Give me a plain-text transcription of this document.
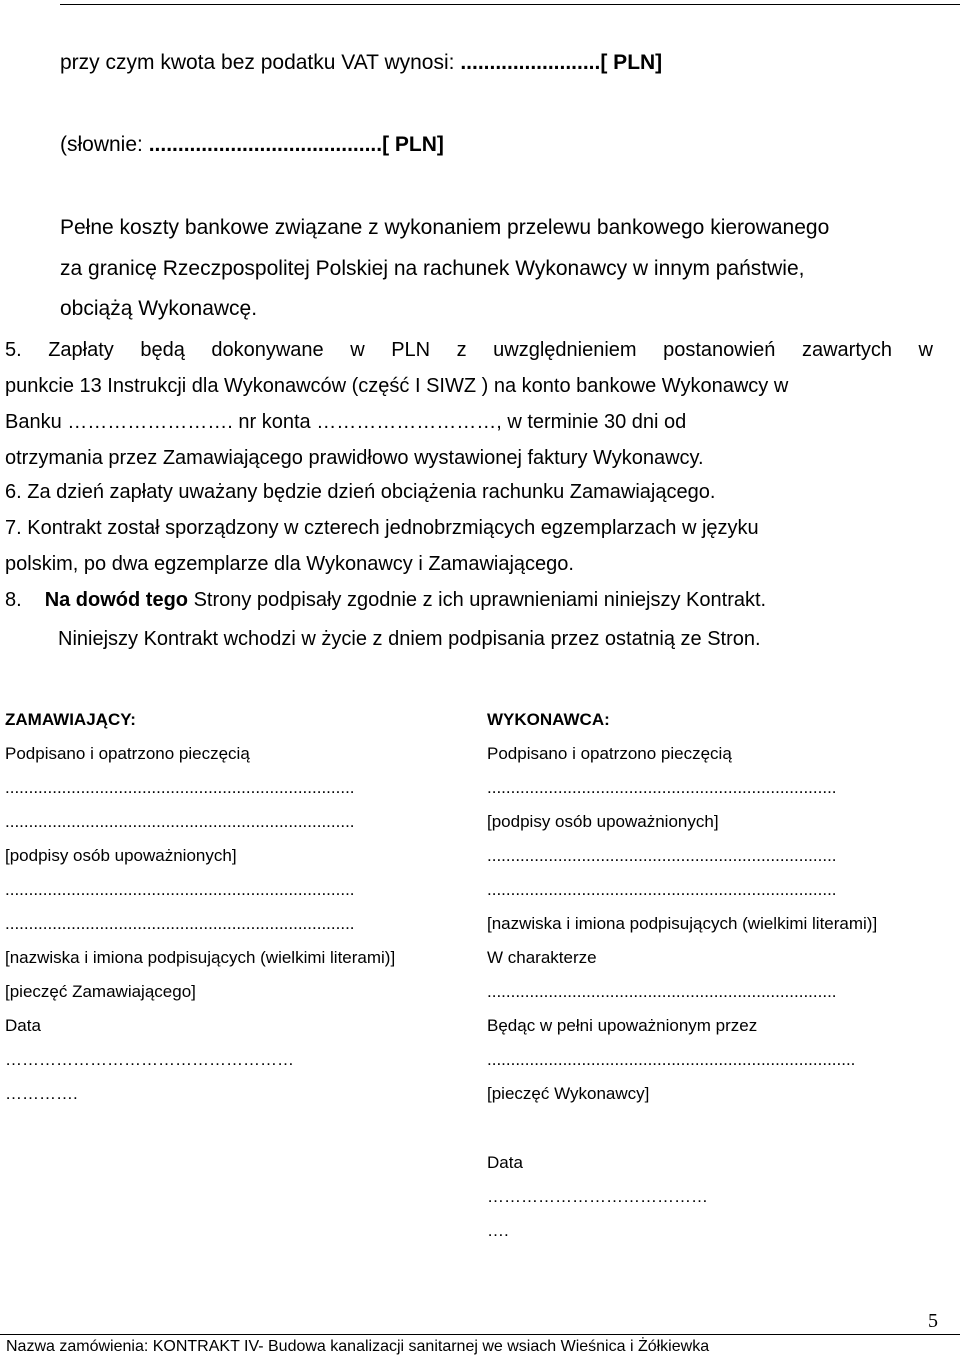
przy czym kwota bez podatku VAT wynosi: ........................[ PLN]
(słownie: ........................................[ PLN]
Pełne koszty bankowe związane z wykonaniem przelewu bankowego kierowanego
za granicę Rzeczpospolitej Polskiej na rachunek Wykonawcy w innym państwie,
obciążą Wykonawcę.
5. Zapłaty będą dokonywane w PLN z uwzględnieniem postanowień zawartych w
punkcie 13 Instrukcji dla Wykonawców (część I SIWZ ) na konto bankowe Wykonawcy w
Banku ……………………. nr konta ………………………, w terminie 30 dni od
otrzymania przez Zamawiającego prawidłowo wystawionej faktury Wykonawcy.
6. Za dzień zapłaty uważany będzie dzień obciążenia rachunku Zamawiającego.
7. Kontrakt został sporządzony w czterech jednobrzmiących egzemplarzach w języku
polskim, po dwa egzemplarze dla Wykonawcy i Zamawiającego.
8. Na dowód tego Strony podpisały zgodnie z ich uprawnieniami niniejszy Kontrakt.
Niniejszy Kontrakt wchodzi w życie z dniem podpisania przez ostatnią ze Stron.
ZAMAWIAJĄCY:
Podpisano i opatrzono pieczęcią
..........................................................................
..........................................................................
[podpisy osób upoważnionych]
..........................................................................
..........................................................................
[nazwiska i imiona podpisujących (wielkimi literami)]
[pieczęć Zamawiającego]
Data
……………………………………………
………….
WYKONAWCA:
Podpisano i opatrzono pieczęcią
..........................................................................
[podpisy osób upoważnionych]
..........................................................................
..........................................................................
[nazwiska i imiona podpisujących (wielkimi literami)]
W charakterze
..........................................................................
Będąc w pełni upoważnionym przez
..............................................................................
[pieczęć Wykonawcy]
Data
…………………………………
….
5
Nazwa zamówienia: KONTRAKT IV- Budowa kanalizacji sanitarnej we wsiach Wieśnica i Żółkiewka
